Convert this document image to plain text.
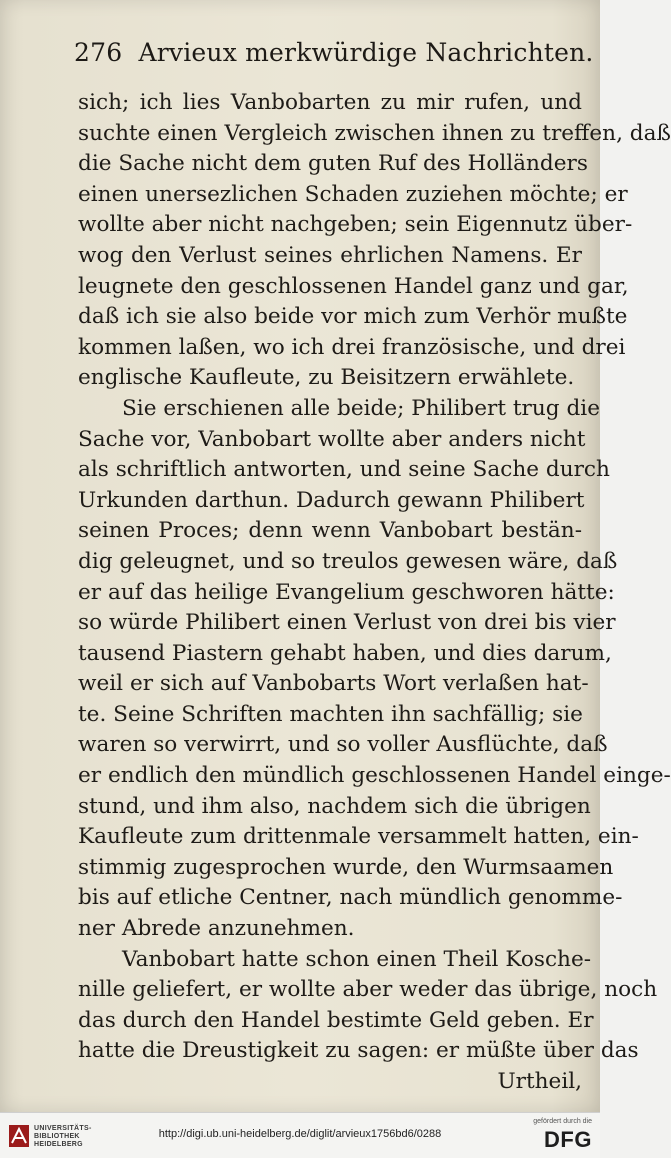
276 Arvieux merkwürdige Nachrichten.
sich; ich lies Vanbobarten zu mir rufen, und
suchte einen Vergleich zwischen ihnen zu treffen, daß
die Sache nicht dem guten Ruf des Holländers
einen unersezlichen Schaden zuziehen möchte; er
wollte aber nicht nachgeben; sein Eigennutz über-
wog den Verlust seines ehrlichen Namens. Er
leugnete den geschlossenen Handel ganz und gar,
daß ich sie also beide vor mich zum Verhör mußte
kommen laßen, wo ich drei französische, und drei
englische Kaufleute, zu Beisitzern erwählete.
Sie erschienen alle beide; Philibert trug die
Sache vor, Vanbobart wollte aber anders nicht
als schriftlich antworten, und seine Sache durch
Urkunden darthun. Dadurch gewann Philibert
seinen Proces; denn wenn Vanbobart bestän-
dig geleugnet, und so treulos gewesen wäre, daß
er auf das heilige Evangelium geschworen hätte:
so würde Philibert einen Verlust von drei bis vier
tausend Piastern gehabt haben, und dies darum,
weil er sich auf Vanbobarts Wort verlaßen hat-
te. Seine Schriften machten ihn sachfällig; sie
waren so verwirrt, und so voller Ausflüchte, daß
er endlich den mündlich geschlossenen Handel einge-
stund, und ihm also, nachdem sich die übrigen
Kaufleute zum drittenmale versammelt hatten, ein-
stimmig zugesprochen wurde, den Wurmsaamen
bis auf etliche Centner, nach mündlich genomme-
ner Abrede anzunehmen.
Vanbobart hatte schon einen Theil Kosche-
nille geliefert, er wollte aber weder das übrige, noch
das durch den Handel bestimte Geld geben. Er
hatte die Dreustigkeit zu sagen: er müßte über das
Urtheil,
UNIVERSITÄTS-
BIBLIOTHEK
HEIDELBERG
http://digi.ub.uni-heidelberg.de/diglit/arvieux1756bd6/0288
gefördert durch die
DFG
